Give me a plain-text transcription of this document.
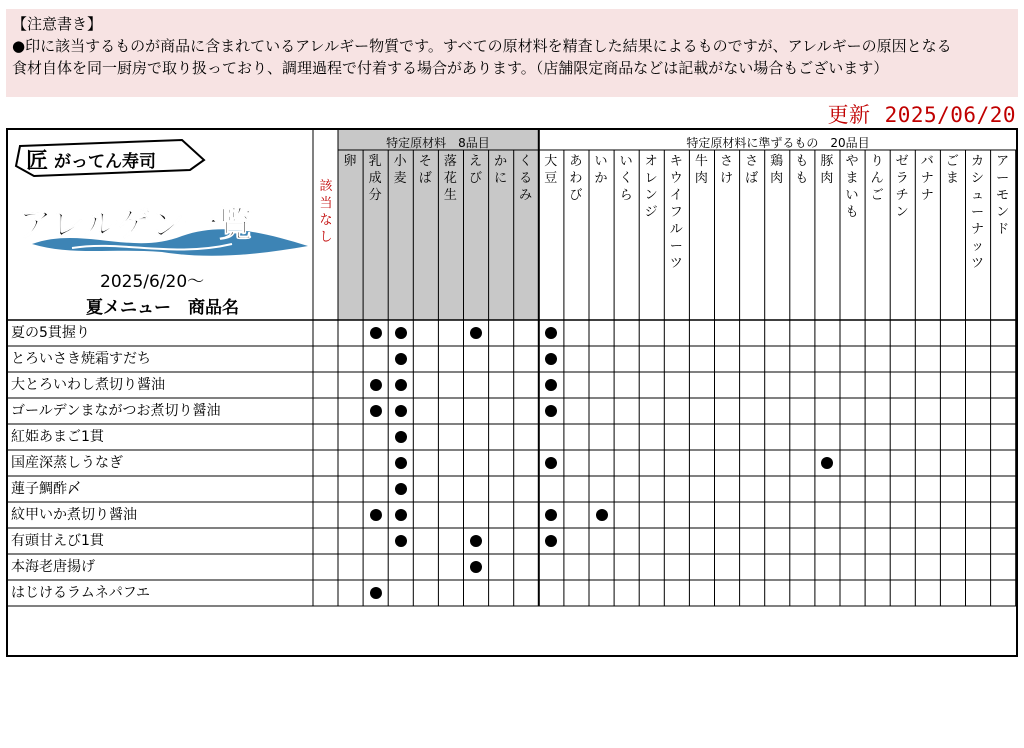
【注意書き】
●印に該当するものが商品に含まれているアレルギー物質です。すべての原材料を精査した結果によるものですが、アレルギーの原因となる
食材自体を同一厨房で取り扱っており、調理過程で付着する場合があります。（店舗限定商品などは記載がない場合もございます）
更新 2025/06/20
匠 がってん寿司
アレルゲン一覧
2025/6/20～
夏メニュー　商品名
特定原材料　8品目	特定原材料に準ずるもの　20品目
卵 乳
成
分
小
麦
そ
ば
落
花
生
え
び
か
に
く
る
み
大
豆
あ
わ
び
い
か
い
く
ら
オ
レ
ン
ジ
キ
ウ
イ
フ
ル
ー
ツ
牛
肉
さ
け
さ
ば
鶏
肉
も
も
豚
肉
や
ま
い
も
り
ん
ご
ゼ
ラ
チ
ン
バ
ナ
ナ
ご
ま
カ
シ
ュ
ー
ナ
ッ
ツ
ア
ー
モ
ン
ド
該
当
な
し
夏の5貫握り
とろいさき焼霜すだち
大とろいわし煮切り醤油
ゴールデンまながつお煮切り醤油
紅姫あまご1貫
国産深蒸しうなぎ
蓮子鯛酢〆
紋甲いか煮切り醤油
有頭甘えび1貫
本海老唐揚げ
はじけるラムネパフエ
